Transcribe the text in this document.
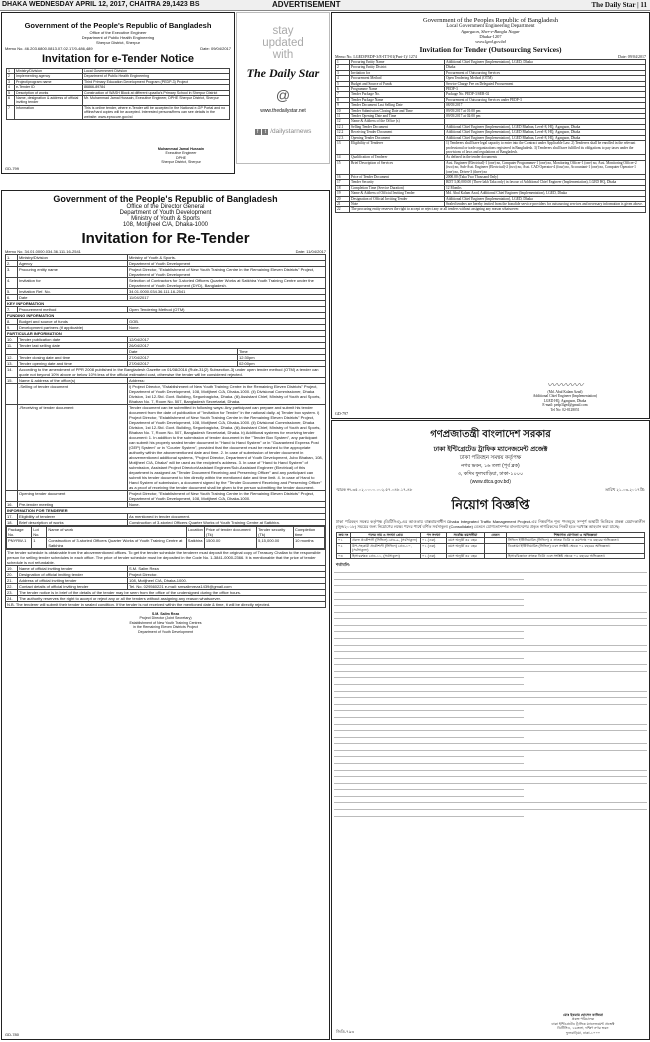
DHAKA WEDNESDAY APRIL 12, 2017, CHAITRA 29,1423 BS	ADVERTISEMENT	The Daily Star | 11
Government of the People's Republic of Bangladesh
Office of the Executive Engineer
Department of Public Health Engineering
Sherpur District, Sherpur
Memo No. 46.203.6800.0813.07.02.17/0-486,489	Date: 09/04/2017
Invitation for e-Tender Notice
1	Ministry/Division	Local Government Division
2	Implementing agency	Department of Public Health Engineering
3	Project/program name	Third Primary Education Development Program (PEDP-3) Project
4	e-Tender ID	86866-89784
5	Description of works	Construction of WASH Block at different upazila's Primary School in Sherpur District
6	Name, designation & address of official inviting tender	Mr. Muhammad Jamal Hussain, Executive Engineer, DPHE Sherpur District, Sherpur
7	Information	This is online tender, where e-Tender will be accepted in the National e-GP Portal and no offline/hard copies will be accepted. Interested persons/firms can see details in the website: www.eprocure.gov.bd
Muhammad Jamal Hussain
Executive Engineer
DPHE
Sherpur District, Sherpur
GD-799
stay
updated
with
The Daily Star
@
www.thedailystar.net
f t /dailystarnews
Government of the People's Republic of Bangladesh
Office of the Director General
Department of Youth Development
Ministry of Youth & Sports
108, Motijheel C/A, Dhaka-1000
Invitation for Re-Tender
Memo No. 34.01.0000.034.36.111.16-2541	Date: 11/04/2017
1.	Ministry/Division	Ministry of Youth & Sports.
2.	Agency	Department of Youth Development
3.	Procuring entity name	Project Director, "Establishment of New Youth Training Centre in the Remaining Eleven Districts" Project, Department of Youth Development
4.	Invitation for	Selection of Contractors for 3-storied Officers Quarter Works at Satkhira Youth Training Centre under the Department of Youth Development (DYD), Bangladesh.
5.	Invitation Ref. No.	34.01.0000.034.36.111.16-2541
6.	Date	11/04/2017
KEY INFORMATION
7.	Procurement method	Open Tendering Method (OTM)
FUNDING INFORMATION
8.	Budget and source of funds	GOB.
9.	Development partners (if applicable)	None.
PARTICULAR INFORMATION
10.	Tender publication date	12/04/2017
11.	Tender last selling date	26/04/2017
		Date	Time
12.	Tender closing date and time	27/04/2017	12:30pm
13.	Tender opening date and time	27/04/2017	02:00pm
14.	According to the amendment of PPR 2008 published in the Bangladesh Gazette on 01/08/2016 (Rule-31(2) Subsection-3) under open tender method (OTM) a tender can quote not beyond 10% above or below 10% less of the official estimated cost, otherwise the tender will be considered rejected.
15.	Name & address of the office(s)	Address:
	-Selling of tender document	i) Project Director, "Establishment of New Youth Training Centre in the Remaining Eleven Districts" Project, Department of Youth Development, 108, Motijheel C/A, Dhaka-1000. (ii) Divisional Commissioner, Dhaka Division, 1st 12-Std. Govt. Building, Segunbagicha, Dhaka. (iii) Assistant Chief, Ministry of Youth and Sports, Bhaban No. 7, Room No. 507, Bangladesh Secretariat, Dhaka.
	-Receiving of tender document	Tender document can be submitted in following ways: Any participant can prepare and submit his tender document from the date of publication of "Invitation for Tender" in the national daily. a) Tender box system. i) Project Director, "Establishment of New Youth Training Centre in the Remaining Eleven Districts" Project, Department of Youth Development, 108, Motijheel C/A, Dhaka-1000. (ii) Divisional Commissioner, Dhaka Division, 1st 12-Std. Govt. Building, Segunbagicha, Dhaka. (iii) Assistant Chief, Ministry of Youth and Sports, Bhaban No. 7, Room No. 507, Bangladesh Secretariat, Dhaka. b) Additional systems for receiving tender document: 1. In addition to the submission of tender document in the "Tender Box System", any participant can submit his properly sealed tender document in "Hand to Hand System" or in "Guaranteed Express Post (GEP) System" or in "Courier System", provided that the document must be reached to the appropriate authority within the abovementioned date and time. 2. In case of submission of tender document in abovementioned additional systems, "Project Director, Department of Youth Development, Jubo Bhaban, 108, Motijheel C/A, Dhaka" will be used as the recipient's address. 3. In case of "Hand to Hand System" of submission, Assistant Project Director/Assistant Engineer/Sub-Assistant Engineer (Electrical) of this department is assigned as "Tender Document Receiving and Preserving Officer" and any participant can submit his tender document to him directly within the mentioned date and time limit. 4. In case of Hand to Hand System of submission, a document signed by the "Tender Document Receiving and Preserving Officer" as a proof of receiving the tender document shall be given to the person submitting the tender document.
	Opening tender document	Project Director, "Establishment of New Youth Training Centre in the Remaining Eleven Districts" Project, Department of Youth Development, 108, Motijheel C/A, Dhaka-1000.
16.	Pre-tender meeting	None.
INFORMATION FOR TENDERER
17.	Eligibility of tenderer	As mentioned in tender document.
18.	Brief description of works	Construction of 3-storied Officers Quarter Works of Youth Training Centre at Satkhira.

Package No.	Lot No.	Name of work	Location	Price of tender document (Tk)	Tender security (Tk)	Completion time
PNYRW-1	1	Construction of 3-storied Officers Quarter Works of Youth Training Centre at Satkhira	Satkhira	1500.00	5,15,000.00	10 months

The tender schedule is obtainable from the abovementioned offices. To get the tender schedule the tenderer must deposit the original copy of Treasury Challan to the responsible person for selling tender schedules in each office. The price of tender schedule must be deposited in the Code No. 1-3841-0000-2366. It is mentionable that the price of tender schedule is not refundable.
19.	Name of official inviting tender	S.M. Salim Reza
20.	Designation of official inviting tender	Project Director.
21.	Address of official inviting tender	108, Motijheel C/A, Dhaka-1000.
22.	Contact details of official inviting tender	Tel. No. 029560221 e-mail: smsalimreza1439@gmail.com
23.	The tender notice is in brief of the details of the tender may be seen from the office of the undersigned during the office hours.
24.	The authority reserves the right to accept or reject any or all the tenders without assigning any reason whatsoever.
N.B. The tenderer will submit their tender in sealed condition. If the tender is not received within the mentioned date & time, it will be directly rejected.
S.M. Salim Reza
Project Director (Joint Secretary)
Establishment of New Youth Training Centres
in the Remaining Eleven Districts Project
Department of Youth Development
GD-780
Government of the Peoples Republic of Bangladesh
Local Government Engineering Department
Agargaon, Sher-e-Bangla Nagar
Dhaka-1207
www.lged.gov.bd
Invitation for Tender (Outsourcing Services)
Memo No. LGED/PEDP-3/E-ITT-01(Part-1)/ 1274	Date: 09/04/2017
1	Procuring Entity Name	Additional Chief Engineer (Implementation), LGED, Dhaka
2	Procuring Entity District	Dhaka
3	Invitation for	Procurement of Outsourcing Services
4	Procurement Method	Open Tendering Method (OTM)
5	Budget and Source of Funds	Service Charge Fee on Delegated Procurement
6	Programme Name	PEDP-3
7	Tender Package No.	Package No. PEDP-3/SER-02
8	Tender Package Name	Procurement of Outsourcing Services under PEDP-3
9	Tender Document Last Selling Date	08/05/2017
10	Tender Submission Closing Date and Time	09/05/2017 at 01:00 pm
11	Tender Opening Date and Time	09/05/2017 at 02:00 pm
12	Name & Address of the Office (s)	
12.1	Selling Tender Document	Additional Chief Engineer (Implementation), LGED Bhaban, Level-8, HQ, Agargaon, Dhaka
12.2	Receiving Tender Document	Additional Chief Engineer (Implementation), LGED Bhaban, Level-8, HQ, Agargaon, Dhaka
12.3	Opening Tender Document	Additional Chief Engineer (Implementation), LGED Bhaban, Level-8, HQ, Agargaon, Dhaka
13	Eligibility of Tenderer	1) Tenderers shall have legal capacity to enter into the Contract under Applicable Law. 2) Tenderers shall be enrolled in the relevant professional or trade organizations registered in Bangladesh. 3) Tenderers shall have fulfilled its obligations to pay taxes under the provisions of laws and regulations of Bangladesh.
14	Qualification of Tenderer	As defined in the tender documents
15	Brief Description of Services	Asst. Engineer (Electrical)-1 (one) no, Computer Programmer-1 (one) no, Monitoring Officer-1 (one) no, Asst. Monitoring Officer-2 (two) no, Sub-Asst. Engineer (Electrical)-2 (two) no, Asst. CAD Operator-4 (four) no, Accountant-1 (one) no, Computer Operator-1 (one) no, Driver-3 (three) no
16	Price of Tender Document	2000.00 (Taka Two Thousand Only)
17	Tender Security	BDT 3,00,000.00 (Three lakh Taka only) in favour of Additional Chief Engineer (Implementation), LGED HQ, Dhaka
18	Completion Time (Service Duration)	12 Months
19	Name & Address of Official Inviting Tender	Md. Abul Kalam Azad, Additional Chief Engineer (Implementation), LGED, Dhaka
20	Designation of Official Inviting Tender	Additional Chief Engineer (Implementation), LGED, Dhaka
21	Note	Sealed tenders are hereby invited from the bonafide service providers for outsourcing services and necessary information is given above.
22	The procuring entity reserves the right to accept or reject any or all tenders without assigning any reason whatsoever.	
〰〰〰〰
(Md. Abul Kalam Azad)
Additional Chief Engineer (Implementation)
LGED HQ, Agargaon, Dhaka
E-mail: pedp3lged@gmail.com
Tel No: 02-8128051
GD-797
গণপ্রজাতন্ত্রী বাংলাদেশ সরকার
ঢাকা ইন্টিগ্রেটেড ট্রাফিক ম্যানেজমেন্ট প্রজেক্ট
ঢাকা পরিবহন সমন্বয় কর্তৃপক্ষ
নগর ভবন, ১৬ তলা (পূর্ব ব্লক)
৩, কদিম ফুলবাড়িয়া, ঢাকা-১০০০
(www.dtca.gov.bd)
স্মারক নং-৩৫.০২.০০০০.০০২.৫৭.০৪৮.১৭-৪৮	তারিখ ২১-০৩-২০১৭খ্রি:
নিয়োগ বিজ্ঞপ্তি
ঢাকা পরিবহন সমন্বয় কর্তৃপক্ষ (ডিটিসিএ)-এর আওতায় বাস্তবায়নাধীন Dhaka Integrated Traffic Management Project-এর নিম্নবর্ণিত শূন্য পদসমূহে সম্পূর্ণ অস্থায়ী ভিত্তিতে প্রকল্প মেয়াদকালীন (জুন/২০১৮) সময়ের জন্য নিয়োগের লক্ষ্যে পদের পার্শ্বে বর্ণিত সর্বসাকুল্য (Consolidate) বেতনে যোগ্যতাসম্পন্ন বাংলাদেশের প্রকৃত নাগরিকদের নিকট হতে দরখাস্ত আহবান করা যাচ্ছে:
ক্রম নং	পদের নাম ও সংখ্যা গ্রেড	পদ সংখ্যা	সর্বোচ্চ বয়সসীমা	বেতন	শিক্ষাগত যোগ্যতা ও অভিজ্ঞতা
০১	প্রকল্প প্রকৌশলী (সিভিল) গ্রেড-৯, (সর্বসাকুল্য)	০১ (এক)	বয়স অনূর্ধ্ব ৩৫ বছর		সিভিল ইঞ্জিনিয়ারিং (সিভিল) এ স্নাতক ডিগ্রি ও কমপক্ষে ০৩ বছরের অভিজ্ঞতা।
০২	উপ-সহকারী প্রকৌশলী (সিভিল) গ্রেড-১০, (সর্বসাকুল্য)	০১ (এক)	বয়স অনূর্ধ্ব ৩৫ বছর		ডিপ্লোমা ইঞ্জিনিয়ারিং (সিভিল) এবং সংশ্লিষ্ট ক্ষেত্রে ০২ বছরের অভিজ্ঞতা।
০৩	হিসাবরক্ষক গ্রেড-১১, (সর্বসাকুল্য)	০১ (এক)	বয়স অনূর্ধ্ব ৩৫ বছর		হিসাববিজ্ঞানে স্নাতক ডিগ্রি এবং সংশ্লিষ্ট ক্ষেত্রে ০২ বছরের অভিজ্ঞতা।
শর্তাবলি:
মোঃ ইকরাম হোসেন কাজিরা
প্রকল্প পরিচালক
ঢাকা ইন্টিগ্রেটেড ট্রাফিক ম্যানেজমেন্ট প্রজেক্ট
ডিটিসিএ, ১৬তলা, দক্ষিণ নগর ভবন
ফুলবাড়িয়া, ঢাকা-১০০০
জিডি-৭৯৩
